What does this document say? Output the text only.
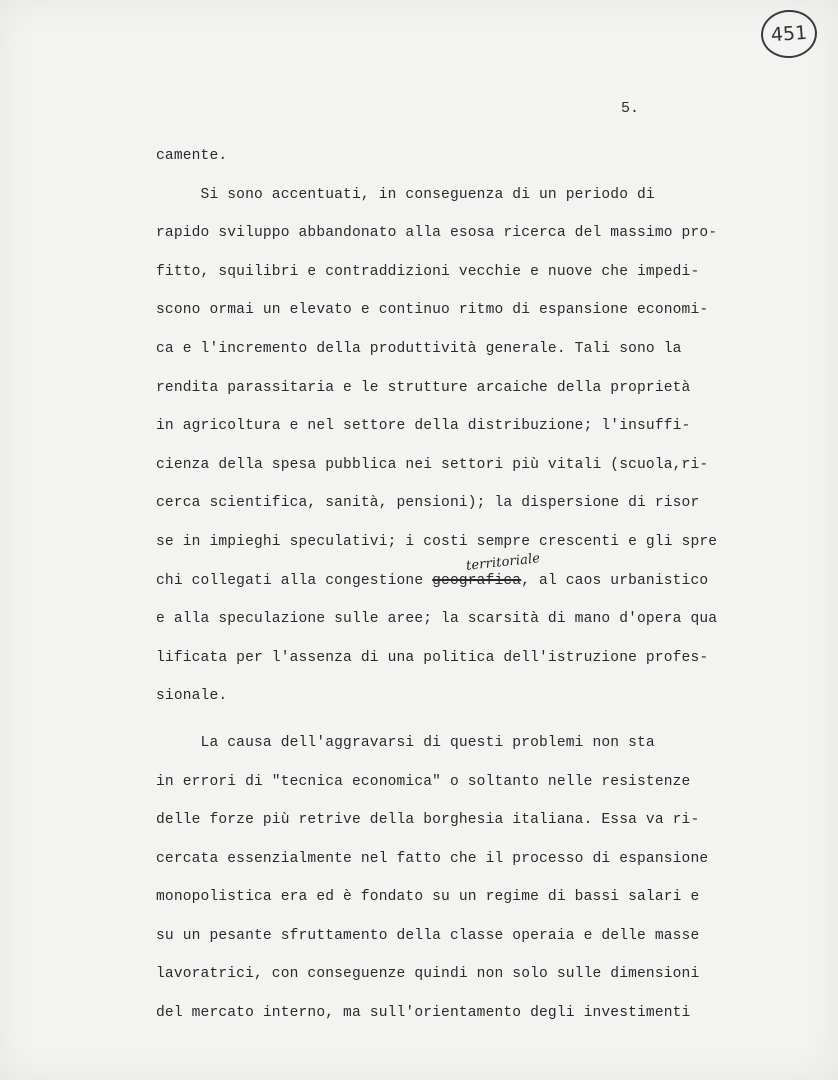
451
5.
camente.
Si sono accentuati, in conseguenza di un periodo di
rapido sviluppo abbandonato alla esosa ricerca del massimo pro-
fitto, squilibri e contraddizioni vecchie e nuove che impedi-
scono ormai un elevato e continuo ritmo di espansione economi-
ca e l'incremento della produttività generale. Tali sono la
rendita parassitaria e le strutture arcaiche della proprietà
in agricoltura e nel settore della distribuzione; l'insuffi-
cienza della spesa pubblica nei settori più vitali (scuola,ri-
cerca scientifica, sanità, pensioni); la dispersione di risor
se in impieghi speculativi; i costi sempre crescenti e gli spre
chi collegati alla congestione geografica, al caos urbanistico
territoriale
e alla speculazione sulle aree; la scarsità di mano d'opera qua
lificata per l'assenza di una politica dell'istruzione profes-
sionale.
La causa dell'aggravarsi di questi problemi non sta
in errori di "tecnica economica" o soltanto nelle resistenze
delle forze più retrive della borghesia italiana. Essa va ri-
cercata essenzialmente nel fatto che il processo di espansione
monopolistica era ed è fondato su un regime di bassi salari e
su un pesante sfruttamento della classe operaia e delle masse
lavoratrici, con conseguenze quindi non solo sulle dimensioni
del mercato interno, ma sull'orientamento degli investimenti
